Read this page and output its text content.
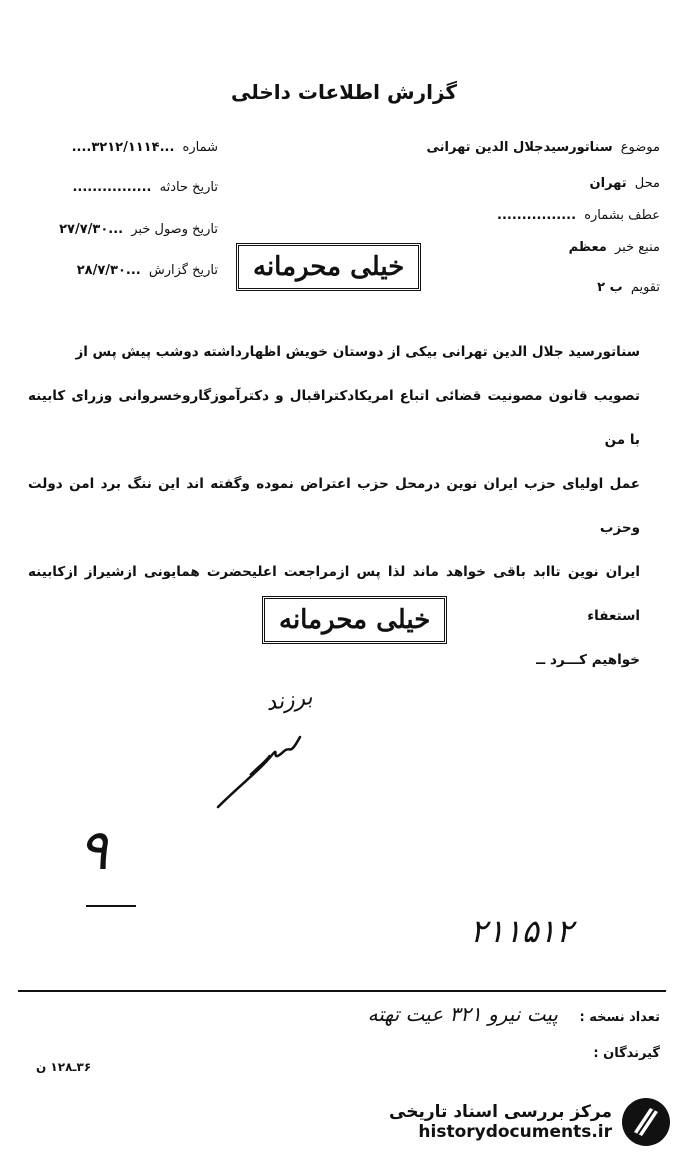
گزارش اطلاعات داخلی
شماره ...۳۲۱۲/۱۱۱۴....
تاریخ حادثه ................
تاریخ وصول خبر ...۲۷/۷/۳۰
تاریخ گزارش ...۲۸/۷/۳۰
موضوع سناتورسیدجلال الدین تهرانی
محل تهران
عطف بشماره ................
منبع خبر معظم
تقویم ب ۲
خیلی محرمانه
سناتورسید جلال الدین تهرانی بیکی از دوستان خویش اظهارداشته دوشب پیش پس از
تصویب قانون مصونیت قضائی اتباع امریکادکتراقبال و دکترآموزگاروخسروانی وزرای کابینه با من
عمل اولیای حزب ایران نوین درمحل حزب اعتراض نموده وگفته اند این ننگ برد امن دولت وحزب
ایران نوین تاابد باقی خواهد ماند لذا پس ازمراجعت اعلیحضرت همایونی ازشیراز ازکابینه استعفاء
خواهیم کـــرد ــ
خیلی محرمانه
برزند
۹
۲۱۱۵۱۲
تعداد نسخه :
پیت نیرو ۳۲۱ عیت تهته
گیرندگان :
۳۶ـ۱۲۸ ن
مرکز بررسی اسناد تاریخی
historydocuments.ir
